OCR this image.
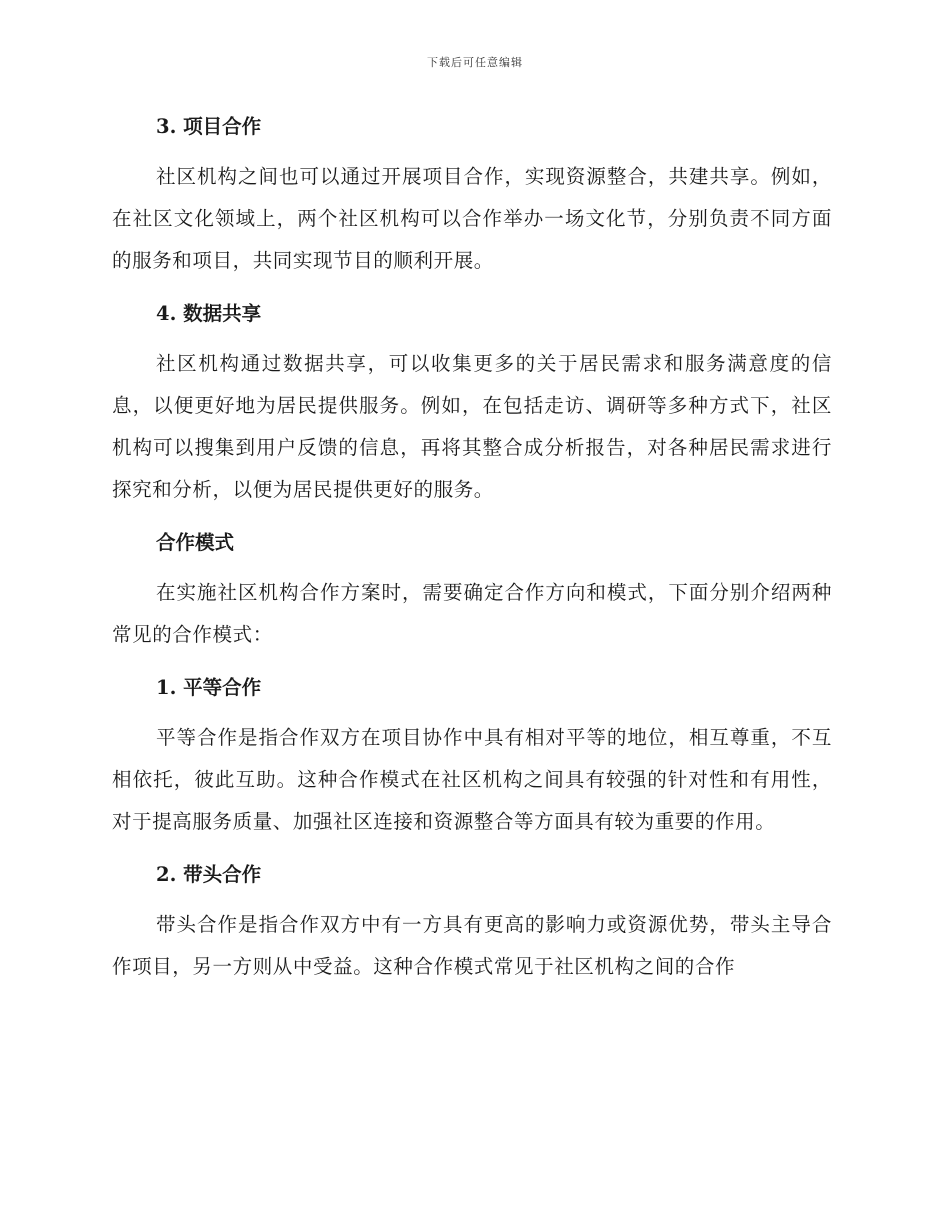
下载后可任意编辑
3. 项目合作

社区机构之间也可以通过开展项目合作，实现资源整合，共建共享。例如，在社区文化领域上，两个社区机构可以合作举办一场文化节，分别负责不同方面的服务和项目，共同实现节目的顺利开展。

4. 数据共享

社区机构通过数据共享，可以收集更多的关于居民需求和服务满意度的信息，以便更好地为居民提供服务。例如，在包括走访、调研等多种方式下，社区机构可以搜集到用户反馈的信息，再将其整合成分析报告，对各种居民需求进行探究和分析，以便为居民提供更好的服务。

合作模式

在实施社区机构合作方案时，需要确定合作方向和模式，下面分别介绍两种常见的合作模式：

1. 平等合作

平等合作是指合作双方在项目协作中具有相对平等的地位，相互尊重，不互相依托，彼此互助。这种合作模式在社区机构之间具有较强的针对性和有用性，对于提高服务质量、加强社区连接和资源整合等方面具有较为重要的作用。

2. 带头合作

带头合作是指合作双方中有一方具有更高的影响力或资源优势，带头主导合作项目，另一方则从中受益。这种合作模式常见于社区机构之间的合作
